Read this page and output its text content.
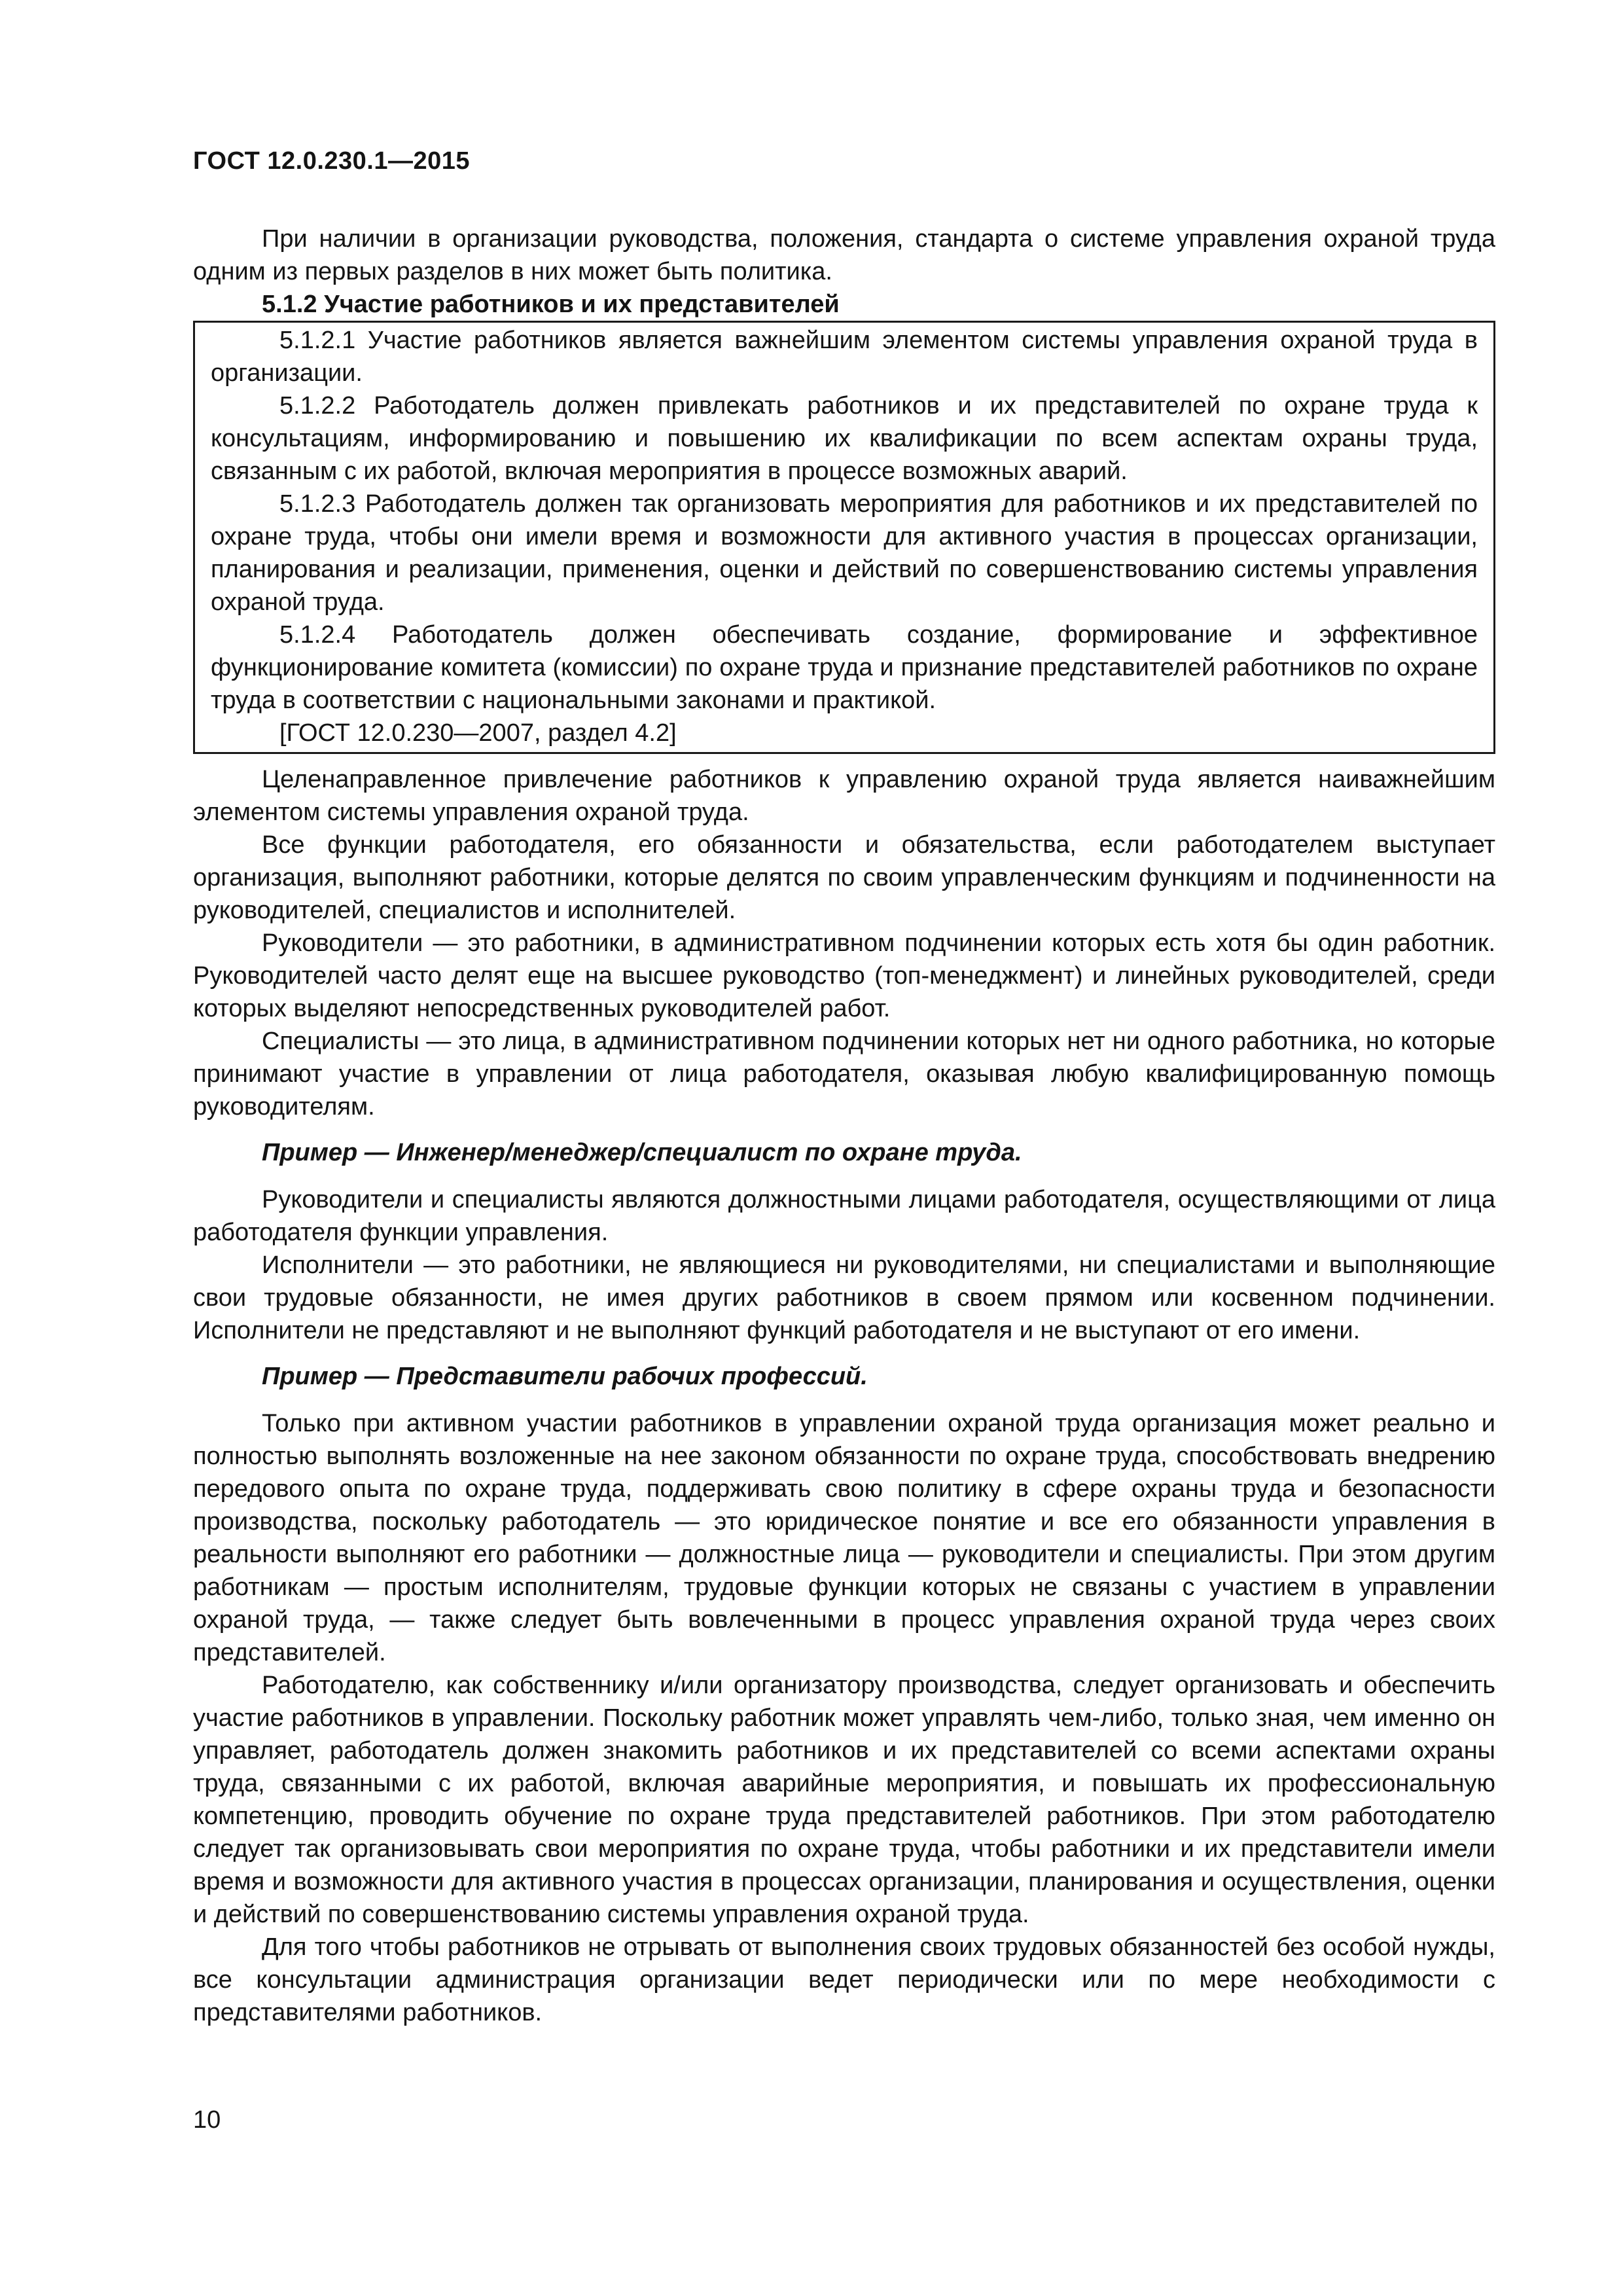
ГОСТ 12.0.230.1—2015

При наличии в организации руководства, положения, стандарта о системе управления охраной труда одним из первых разделов в них может быть политика.

5.1.2 Участие работников и их представителей

5.1.2.1 Участие работников является важнейшим элементом системы управления охраной труда в организации.

5.1.2.2 Работодатель должен привлекать работников и их представителей по охране труда к консультациям, информированию и повышению их квалификации по всем аспектам охраны труда, связанным с их работой, включая мероприятия в процессе возможных аварий.

5.1.2.3 Работодатель должен так организовать мероприятия для работников и их представителей по охране труда, чтобы они имели время и возможности для активного участия в процессах организации, планирования и реализации, применения, оценки и действий по совершенствованию системы управления охраной труда.

5.1.2.4 Работодатель должен обеспечивать создание, формирование и эффективное функционирование комитета (комиссии) по охране труда и признание представителей работников по охране труда в соответствии с национальными законами и практикой.

[ГОСТ 12.0.230—2007, раздел 4.2]

Целенаправленное привлечение работников к управлению охраной труда является наиважнейшим элементом системы управления охраной труда.

Все функции работодателя, его обязанности и обязательства, если работодателем выступает организация, выполняют работники, которые делятся по своим управленческим функциям и подчиненности на руководителей, специалистов и исполнителей.

Руководители — это работники, в административном подчинении которых есть хотя бы один работник. Руководителей часто делят еще на высшее руководство (топ-менеджмент) и линейных руководителей, среди которых выделяют непосредственных руководителей работ.

Специалисты — это лица, в административном подчинении которых нет ни одного работника, но которые принимают участие в управлении от лица работодателя, оказывая любую квалифицированную помощь руководителям.

Пример — Инженер/менеджер/специалист по охране труда.

Руководители и специалисты являются должностными лицами работодателя, осуществляющими от лица работодателя функции управления.

Исполнители — это работники, не являющиеся ни руководителями, ни специалистами и выполняющие свои трудовые обязанности, не имея других работников в своем прямом или косвенном подчинении. Исполнители не представляют и не выполняют функций работодателя и не выступают от его имени.

Пример — Представители рабочих профессий.

Только при активном участии работников в управлении охраной труда организация может реально и полностью выполнять возложенные на нее законом обязанности по охране труда, способствовать внедрению передового опыта по охране труда, поддерживать свою политику в сфере охраны труда и безопасности производства, поскольку работодатель — это юридическое понятие и все его обязанности управления в реальности выполняют его работники — должностные лица — руководители и специалисты. При этом другим работникам — простым исполнителям, трудовые функции которых не связаны с участием в управлении охраной труда, — также следует быть вовлеченными в процесс управления охраной труда через своих представителей.

Работодателю, как собственнику и/или организатору производства, следует организовать и обеспечить участие работников в управлении. Поскольку работник может управлять чем-либо, только зная, чем именно он управляет, работодатель должен знакомить работников и их представителей со всеми аспектами охраны труда, связанными с их работой, включая аварийные мероприятия, и повышать их профессиональную компетенцию, проводить обучение по охране труда представителей работников. При этом работодателю следует так организовывать свои мероприятия по охране труда, чтобы работники и их представители имели время и возможности для активного участия в процессах организации, планирования и осуществления, оценки и действий по совершенствованию системы управления охраной труда.

Для того чтобы работников не отрывать от выполнения своих трудовых обязанностей без особой нужды, все консультации администрация организации ведет периодически или по мере необходимости с представителями работников.

10
